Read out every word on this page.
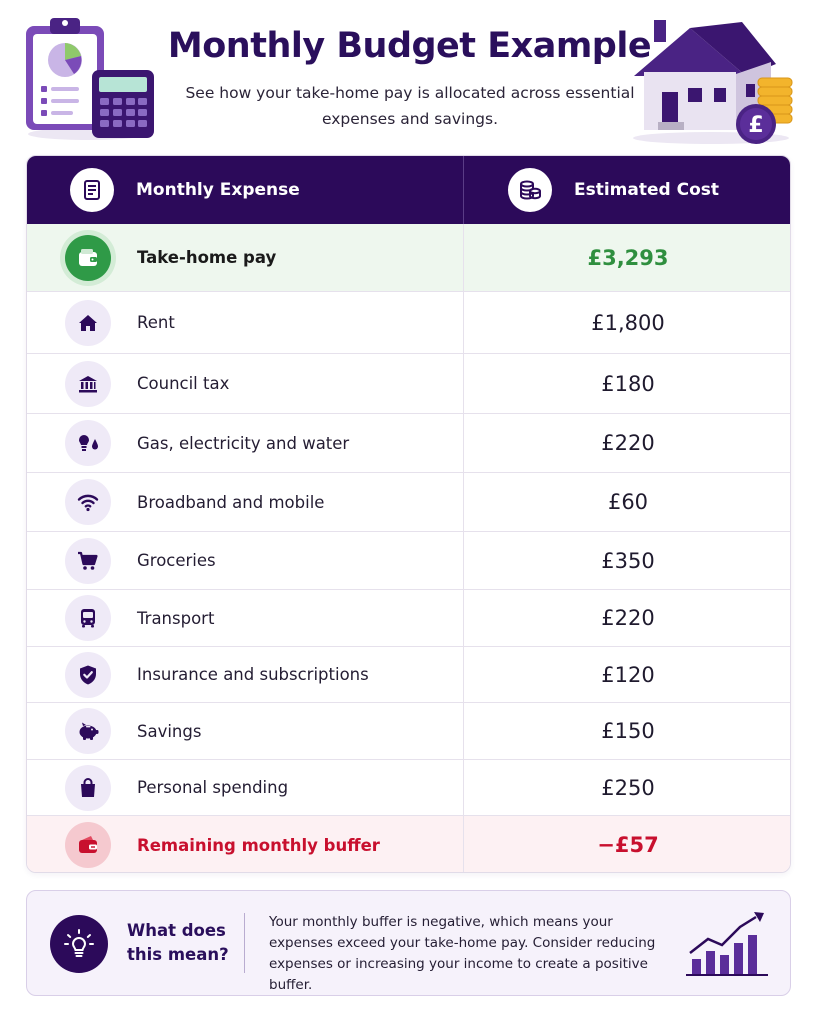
Monthly Budget Example
See how your take-home pay is allocated across essential expenses and savings.	£
Monthly Expense	Estimated Cost
Take-home pay	£3,293
Rent	£1,800
Council tax	£180
Gas, electricity and water	£220
Broadband and mobile	£60
Groceries	£350
Transport	£220
Insurance and subscriptions	£120
Savings	£150
Personal spending	£250
Remaining monthly buffer	−£57
What does this mean?
Your monthly buffer is negative, which means your expenses exceed your take-home pay. Consider reducing expenses or increasing your income to create a positive buffer.
